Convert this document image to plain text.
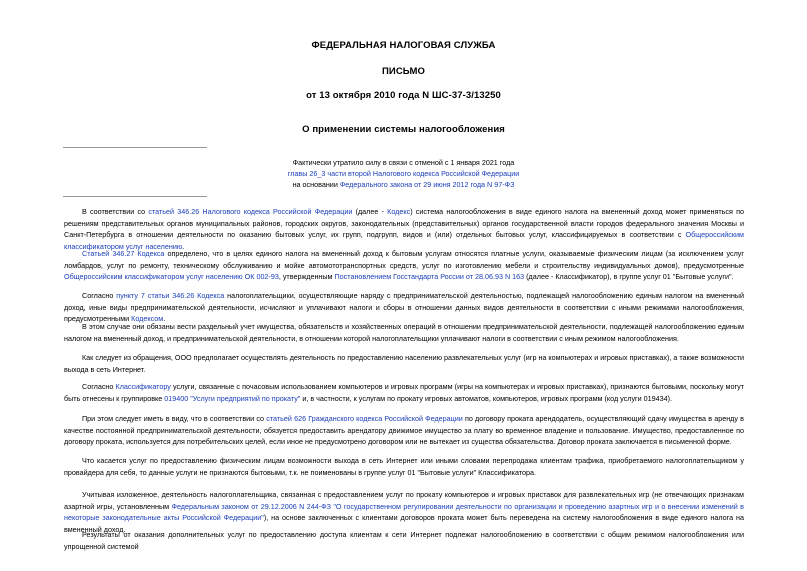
ФЕДЕРАЛЬНАЯ НАЛОГОВАЯ СЛУЖБА
ПИСЬМО
от 13 октября 2010 года N ШС-37-3/13250
О применении системы налогообложения
Фактически утратило силу в связи с отменой с 1 января 2021 года
главы 26_3 части второй Налогового кодекса Российской Федерации
на основании Федерального закона от 29 июня 2012 года N 97-ФЗ
В соответствии со статьей 346.26 Налогового кодекса Российской Федерации (далее - Кодекс) система налогообложения в виде единого налога на вмененный доход может применяться по решениям представительных органов муниципальных районов, городских округов, законодательных (представительных) органов государственной власти городов федерального значения Москвы и Санкт-Петербурга в отношении деятельности по оказанию бытовых услуг, их групп, подгрупп, видов и (или) отдельных бытовых услуг, классифицируемых в соответствии с Общероссийским классификатором услуг населению.
Статьей 346.27 Кодекса определено, что в целях единого налога на вмененный доход к бытовым услугам относятся платные услуги, оказываемые физическим лицам (за исключением услуг ломбардов, услуг по ремонту, техническому обслуживанию и мойке автомототранспортных средств, услуг по изготовлению мебели и строительству индивидуальных домов), предусмотренные Общероссийским классификатором услуг населению ОК 002-93, утвержденным Постановлением Госстандарта России от 28.06.93 N 163 (далее - Классификатор), в группе услуг 01 "Бытовые услуги".
Согласно пункту 7 статьи 346.26 Кодекса налогоплательщики, осуществляющие наряду с предпринимательской деятельностью, подлежащей налогообложению единым налогом на вмененный доход, иные виды предпринимательской деятельности, исчисляют и уплачивают налоги и сборы в отношении данных видов деятельности в соответствии с иными режимами налогообложения, предусмотренными Кодексом.
В этом случае они обязаны вести раздельный учет имущества, обязательств и хозяйственных операций в отношении предпринимательской деятельности, подлежащей налогообложению единым налогом на вмененный доход, и предпринимательской деятельности, в отношении которой налогоплательщики уплачивают налоги в соответствии с иным режимом налогообложения.
Как следует из обращения, ООО предполагает осуществлять деятельность по предоставлению населению развлекательных услуг (игр на компьютерах и игровых приставках), а также возможности выхода в сеть Интернет.
Согласно Классификатору услуги, связанные с почасовым использованием компьютеров и игровых программ (игры на компьютерах и игровых приставках), признаются бытовыми, поскольку могут быть отнесены к группировке 019400 "Услуги предприятий по прокату" и, в частности, к услугам по прокату игровых автоматов, компьютеров, игровых программ (код услуги 019434).
При этом следует иметь в виду, что в соответствии со статьей 626 Гражданского кодекса Российской Федерации по договору проката арендодатель, осуществляющий сдачу имущества в аренду в качестве постоянной предпринимательской деятельности, обязуется предоставить арендатору движимое имущество за плату во временное владение и пользование. Имущество, предоставленное по договору проката, используется для потребительских целей, если иное не предусмотрено договором или не вытекает из существа обязательства. Договор проката заключается в письменной форме.
Что касается услуг по предоставлению физическим лицам возможности выхода в сеть Интернет или иными словами перепродажа клиентам трафика, приобретаемого налогоплательщиком у провайдера для себя, то данные услуги не признаются бытовыми, т.к. не поименованы в группе услуг 01 "Бытовые услуги" Классификатора.
Учитывая изложенное, деятельность налогоплательщика, связанная с предоставлением услуг по прокату компьютеров и игровых приставок для развлекательных игр (не отвечающих признакам азартной игры, установленным Федеральным законом от 29.12.2006 N 244-ФЗ "О государственном регулировании деятельности по организации и проведению азартных игр и о внесении изменений в некоторые законодательные акты Российской Федерации"), на основе заключенных с клиентами договоров проката может быть переведена на систему налогообложения в виде единого налога на вмененный доход.
Результаты от оказания дополнительных услуг по предоставлению доступа клиентам к сети Интернет подлежат налогообложению в соответствии с общим режимом налогообложения или упрощенной системой
